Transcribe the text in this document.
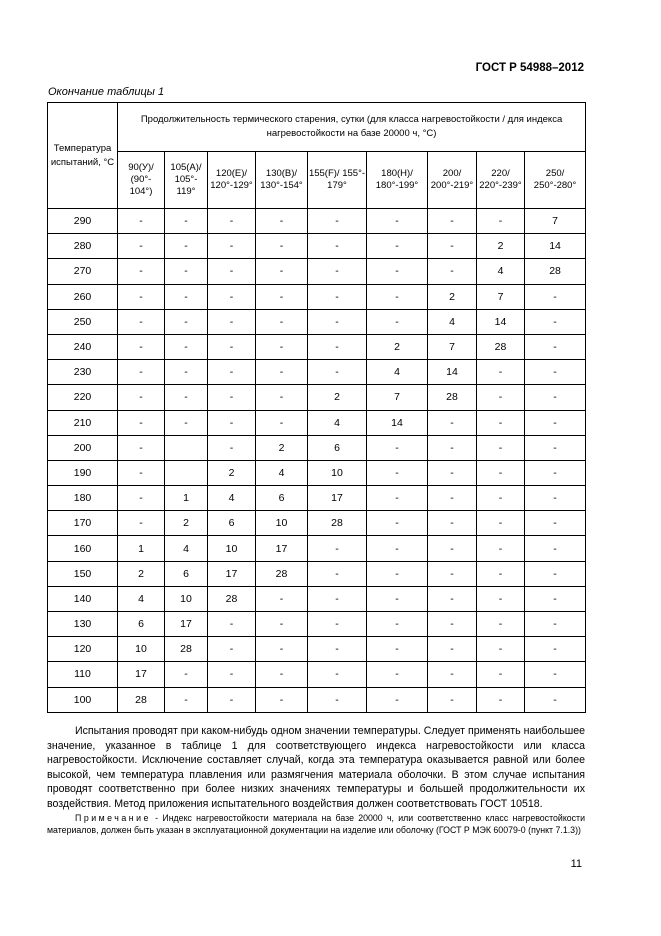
ГОСТ Р 54988–2012
Окончание таблицы 1
Температура испытаний, °С	Продолжительность термического старения, сутки (для класса нагревостойкости / для индекса нагревостойкости на базе 20000 ч, °С)								
	90(У)/ (90°- 104°)	105(А)/ 105°- 119°	120(Е)/ 120°-129°	130(В)/ 130°-154°	155(F)/ 155°- 179°	180(Н)/ 180°-199°	200/ 200°-219°	220/ 220°-239°	250/ 250°-280°
290	-	-	-	-	-	-	-	-	7
280	-	-	-	-	-	-	-	2	14
270	-	-	-	-	-	-	-	4	28
260	-	-	-	-	-	-	2	7	-
250	-	-	-	-	-	-	4	14	-
240	-	-	-	-	-	2	7	28	-
230	-	-	-	-	-	4	14	-	-
220	-	-	-	-	2	7	28	-	-
210	-	-	-	-	4	14	-	-	-
200	-		-	2	6	-	-	-	-
190	-		2	4	10	-	-	-	-
180	-	1	4	6	17	-	-	-	-
170	-	2	6	10	28	-	-	-	-
160	1	4	10	17	-	-	-	-	-
150	2	6	17	28	-	-	-	-	-
140	4	10	28	-	-	-	-	-	-
130	6	17	-	-	-	-	-	-	-
120	10	28	-	-	-	-	-	-	-
110	17	-	-	-	-	-	-	-	-
100	28	-	-	-	-	-	-	-	-

Испытания проводят при каком-нибудь одном значении температуры. Следует применять наибольшее значение, указанное в таблице 1 для соответствующего индекса нагревостойкости или класса нагревостойкости. Исключение составляет случай, когда эта температура оказывается равной или более высокой, чем температура плавления или размягчения материала оболочки. В этом случае испытания проводят соответственно при более низких значениях температуры и большей продолжительности их воздействия. Метод приложения испытательного воздействия должен соответствовать ГОСТ 10518.

Примечание - Индекс нагревостойкости материала на базе 20000 ч, или соответственно класс нагревостойкости материалов, должен быть указан в эксплуатационной документации на изделие или оболочку (ГОСТ Р МЭК 60079-0 (пункт 7.1.3))

11
